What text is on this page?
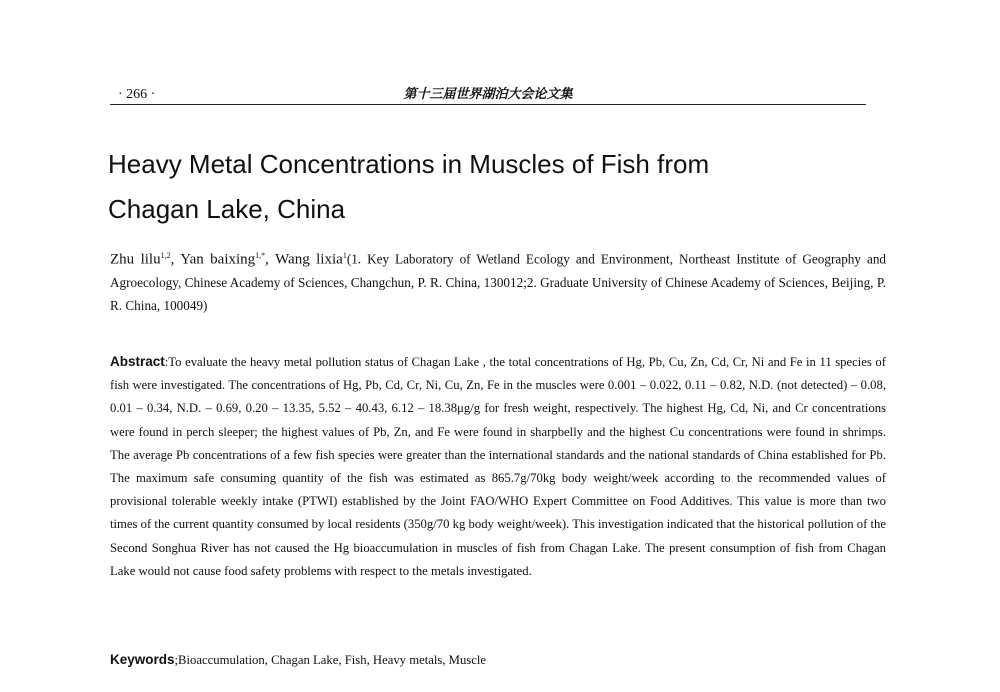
· 266 ·	第十三届世界湖泊大会论文集
Heavy Metal Concentrations in Muscles of Fish from
Chagan Lake, China
Zhu lilu$^{1,2}$, Yan baixing$^{1,*}$, Wang lixia$^1$(1. Key Laboratory of Wetland Ecology and Environment, Northeast Institute of Geography and Agroecology, Chinese Academy of Sciences, Changchun, P. R. China, 130012;2. Graduate University of Chinese Academy of Sciences, Beijing, P. R. China, 100049)
Abstract:To evaluate the heavy metal pollution status of Chagan Lake , the total concentrations of Hg, Pb, Cu, Zn, Cd, Cr, Ni and Fe in 11 species of fish were investigated. The concentrations of Hg, Pb, Cd, Cr, Ni, Cu, Zn, Fe in the muscles were 0.001 – 0.022, 0.11 – 0.82, N.D. (not detected) – 0.08, 0.01 – 0.34, N.D. – 0.69, 0.20 – 13.35, 5.52 – 40.43, 6.12 – 18.38μg/g for fresh weight, respectively. The highest Hg, Cd, Ni, and Cr concentrations were found in perch sleeper; the highest values of Pb, Zn, and Fe were found in sharpbelly and the highest Cu concentrations were found in shrimps. The average Pb concentrations of a few fish species were greater than the international standards and the national standards of China established for Pb. The maximum safe consuming quantity of the fish was estimated as 865.7g/70kg body weight/week according to the recommended values of provisional tolerable weekly intake (PTWI) established by the Joint FAO/WHO Expert Committee on Food Additives. This value is more than two times of the current quantity consumed by local residents (350g/70 kg body weight/week). This investigation indicated that the historical pollution of the Second Songhua River has not caused the Hg bioaccumulation in muscles of fish from Chagan Lake. The present consumption of fish from Chagan Lake would not cause food safety problems with respect to the metals investigated.
Keywords;Bioaccumulation, Chagan Lake, Fish, Heavy metals, Muscle
